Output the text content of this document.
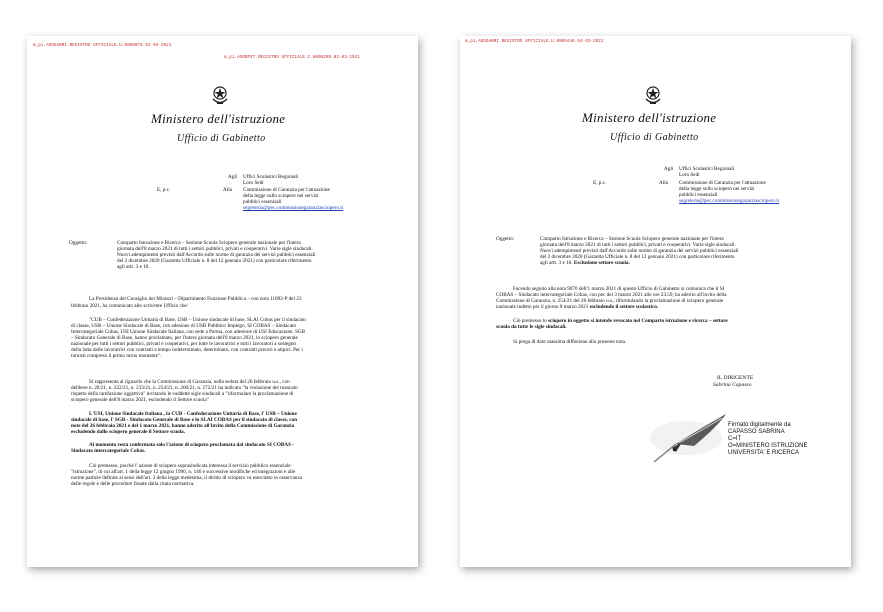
m_pi.AOOGABMI.REGISTRO UFFICIALE.U.0009075.01-03-2021
m_pi.AOODPIT.REGISTRO UFFICIALE.I.0005209.02-03-2021
Ministero dell'istruzione
Ufficio di Gabinetto
Agli Uffici Scolastici Regionali
Loro Sedi
E, p.c.	Alla Commissione di Garanzia per l'attuazione
della legge sullo sciopero nei servizi
pubblici essenziali
segreteria@pec.commissionegaranziasciopero.it
Oggetto:	Comparto Istruzione e Ricerca – Sezione Scuola Sciopero generale nazionale per l'intera
giornata dell'8 marzo 2021 di tutti i settori pubblici, privati e cooperativi. Varie sigle sindacali.
Nuovi adempimenti previsti dall'Accordo sulle norme di garanzia dei servizi pubblici essenziali
del 2 dicembre 2020 (Gazzetta Ufficiale n. 8 del 12 gennaio 2021) con particolare riferimento
agli artt. 3 e 10.
La Presidenza del Consiglio dei Ministri – Dipartimento Funzione Pubblica – con nota 11892-P del 23
febbraio 2021, ha comunicato allo scrivente Ufficio che:
"CUB – Confederazione Unitaria di Base, USB – Unione sindacale di base, SLAI Cobas per il sindacato
di classe, USB – Unione Sindacale di Base, con adesione di USB Pubblico Impiego, SI COBAS – Sindacato
Intercategoriale Cobas, USI Unione Sindacale Italiana, con sede a Parma, con adesione di USI Educazione, SGB
– Sindacato Generale di Base, hanno proclamato, per l'intera giornata dell'8 marzo 2021, lo sciopero generale
nazionale per tutti i settori pubblici, privati e cooperativi, per tutte le lavoratrici e tutti i lavoratori a sostegno
della lotta delle lavoratrici con contratti a tempo indeterminato, determinato, con contratti precari e atipici. Per i
turnisti compreso il primo turno montante".
Si rappresenta al riguardo che la Commissione di Garanzia, nella seduta del 26 febbraio u.s., con
delibere n. 20/21, n. 222/21, n. 233/21, n. 254/21, n. 260/21, n. 272/21 ha indicato "la violazione del mancato
rispetto della rarefazione oggettiva" invitando le suddette sigle sindacali a "riformulare la proclamazione di
sciopero generale dell'8 marzo 2021, escludendo il Settore scuola"
L'USI, Unione Sindacale Italiana , la CUB - Confederazione Unitaria di Base, l' USB – Unione
sindacale di base, l' SGB - Sindacato Generale di Base e lo SLAI COBAS per il sindacato di classe, con
note del 26 febbraio 2021 e del 1 marzo 2021, hanno aderito all'invito della Commissione di Garanzia
escludendo dallo sciopero generale il Settore scuola.
Al momento resta confermata solo l'azione di sciopero proclamata dal sindacato SI COBAS -
Sindacato intercategoriale Cobas.
Ciò premesso, poiché l' azione di sciopero soprasindicata interessa il servizio pubblico essenziale
"istruzione", di cui all'art. 1 della legge 12 giugno 1990, n. 146 e successive modifiche ed integrazioni e alle
norme pattizie definite ai sensi dell'art. 2 della legge medesima, il diritto di sciopero va esercitato in osservanza
delle regole e delle procedure fissate dalla citata normativa.
m_pi.AOOGABMI.REGISTRO UFFICIALE.U.0009446.04-03-2021
Ministero dell'istruzione
Ufficio di Gabinetto
Agli Uffici Scolastici Regionali
Loro Sedi
E, p.c.	Alla Commissione di Garanzia per l'attuazione
della legge sullo sciopero nei servizi
pubblici essenziali
segreteria@pec.commissionegaranziasciopero.it
Oggetto:	Comparto Istruzione e Ricerca – Sezione Scuola Sciopero generale nazionale per l'intera
giornata dell'8 marzo 2021 di tutti i settori pubblici, privati e cooperativi. Varie sigle sindacali.
Nuovi adempimenti previsti dall'Accordo sulle norme di garanzia dei servizi pubblici essenziali
del 2 dicembre 2020 (Gazzetta Ufficiale n. 8 del 12 gennaio 2021) con particolare riferimento
agli artt. 3 e 10. Esclusione settore scuola.
Facendo seguito alla nota 9070 dell'1 marzo 2021 di questo Ufficio di Gabinetto si comunica che il SI
COBAS – Sindacato intercategoriale Cobas, con pec del 3 marzo 2021 alle ore 23.59, ha aderito all'invito della
Commissione di Garanzia, n. 254/21 del 26 febbraio u.s., riformulando la proclamazione di sciopero generale
nazionale indetto per il giorno 8 marzo 2021 escludendo il settore scolastico.
Ciò premesso lo sciopero in oggetto si intende revocato nel Comparto istruzione e ricerca – settore
scuola da tutte le sigle sindacali.
Si prega di dare massima diffusione alla presente nota.
IL DIRIGENTE
Sabrina Capasso
Firmato digitalmente da
CAPASSO SABRINA
C=IT
O=MINISTERO ISTRUZIONE
UNIVERSITA' E RICERCA
